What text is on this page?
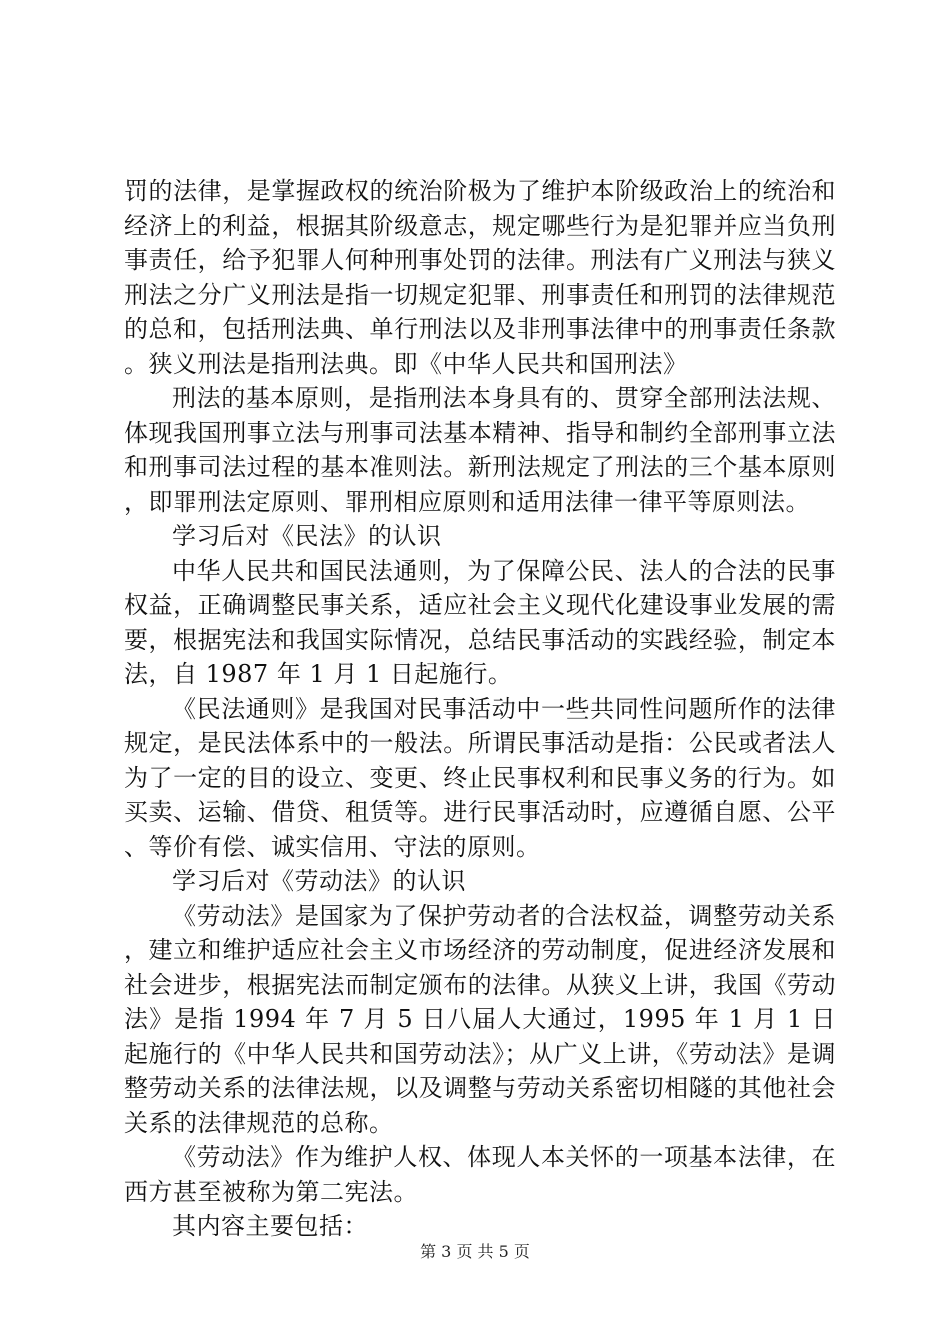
罚的法律，是掌握政权的统治阶极为了维护本阶级政治上的统治和经济上的利益，根据其阶级意志，规定哪些行为是犯罪并应当负刑事责任，给予犯罪人何种刑事处罚的法律。刑法有广义刑法与狭义刑法之分广义刑法是指一切规定犯罪、刑事责任和刑罚的法律规范的总和，包括刑法典、单行刑法以及非刑事法律中的刑事责任条款。狭义刑法是指刑法典。即《中华人民共和国刑法》

刑法的基本原则，是指刑法本身具有的、贯穿全部刑法法规、体现我国刑事立法与刑事司法基本精神、指导和制约全部刑事立法和刑事司法过程的基本准则法。新刑法规定了刑法的三个基本原则，即罪刑法定原则、罪刑相应原则和适用法律一律平等原则法。

学习后对《民法》的认识

中华人民共和国民法通则，为了保障公民、法人的合法的民事权益，正确调整民事关系，适应社会主义现代化建设事业发展的需要，根据宪法和我国实际情况，总结民事活动的实践经验，制定本法，自 1987 年 1 月 1 日起施行。

《民法通则》是我国对民事活动中一些共同性问题所作的法律规定，是民法体系中的一般法。所谓民事活动是指：公民或者法人为了一定的目的设立、变更、终止民事权利和民事义务的行为。如买卖、运输、借贷、租赁等。进行民事活动时，应遵循自愿、公平、等价有偿、诚实信用、守法的原则。

学习后对《劳动法》的认识

《劳动法》是国家为了保护劳动者的合法权益，调整劳动关系，建立和维护适应社会主义市场经济的劳动制度，促进经济发展和社会进步，根据宪法而制定颁布的法律。从狭义上讲，我国《劳动法》是指 1994 年 7 月 5 日八届人大通过，1995 年 1 月 1 日起施行的《中华人民共和国劳动法》；从广义上讲，《劳动法》是调整劳动关系的法律法规，以及调整与劳动关系密切相隧的其他社会关系的法律规范的总称。

《劳动法》作为维护人权、体现人本关怀的一项基本法律，在西方甚至被称为第二宪法。

其内容主要包括：

第 3 页 共 5 页
